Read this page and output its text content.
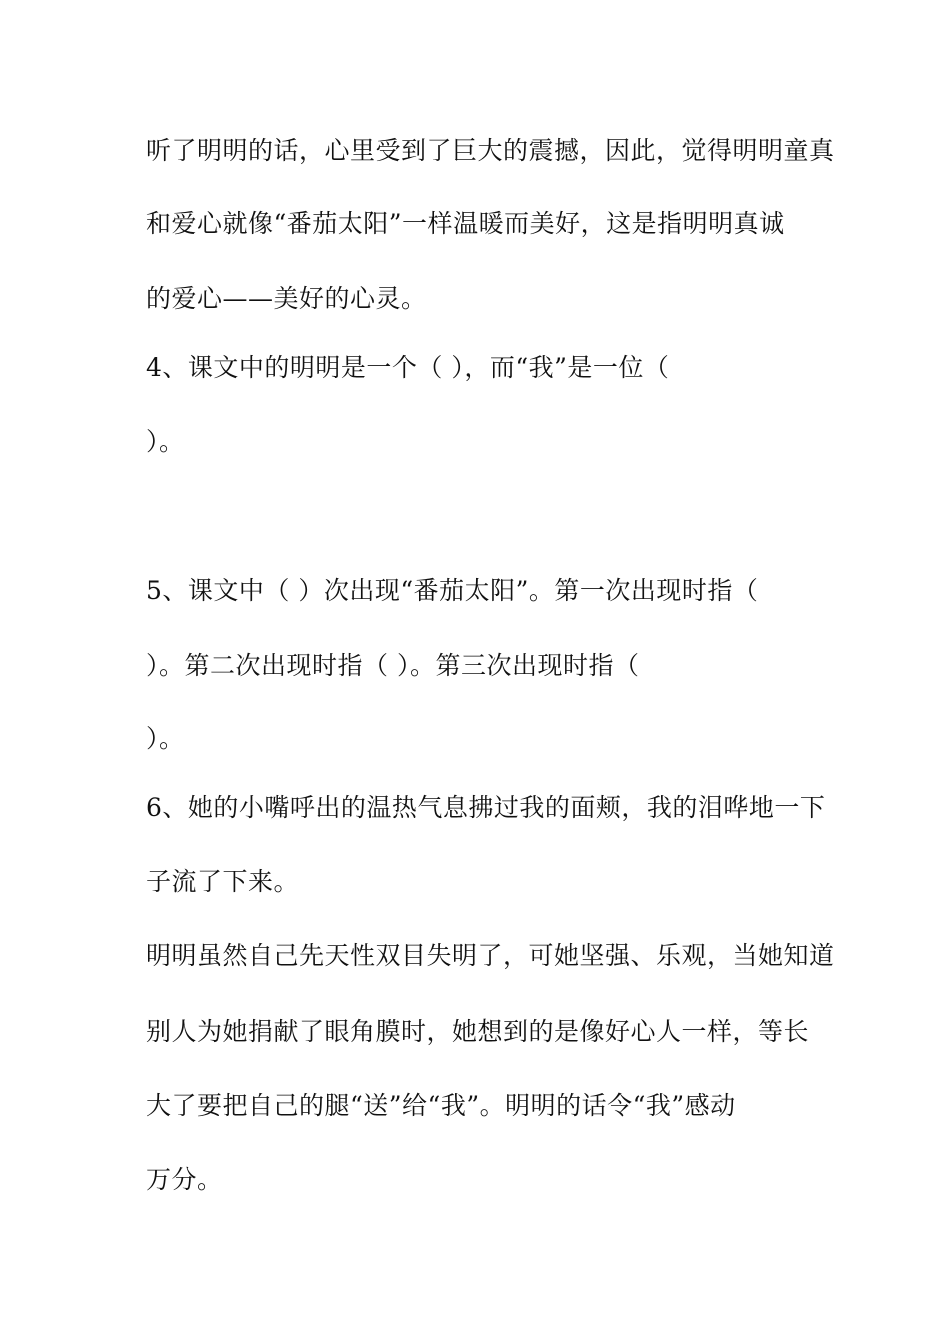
听了明明的话，心里受到了巨大的震撼，因此，觉得明明童真
和爱心就像“番茄太阳”一样温暖而美好，这是指明明真诚
的爱心——美好的心灵。
4、课文中的明明是一个（ ），而“我”是一位（
）。
5、课文中（ ）次出现“番茄太阳”。第一次出现时指（
）。第二次出现时指（ ）。第三次出现时指（
）。
6、她的小嘴呼出的温热气息拂过我的面颊，我的泪哗地一下
子流了下来。
明明虽然自己先天性双目失明了，可她坚强、乐观，当她知道
别人为她捐献了眼角膜时，她想到的是像好心人一样，等长
大了要把自己的腿“送”给“我”。明明的话令“我”感动
万分。
